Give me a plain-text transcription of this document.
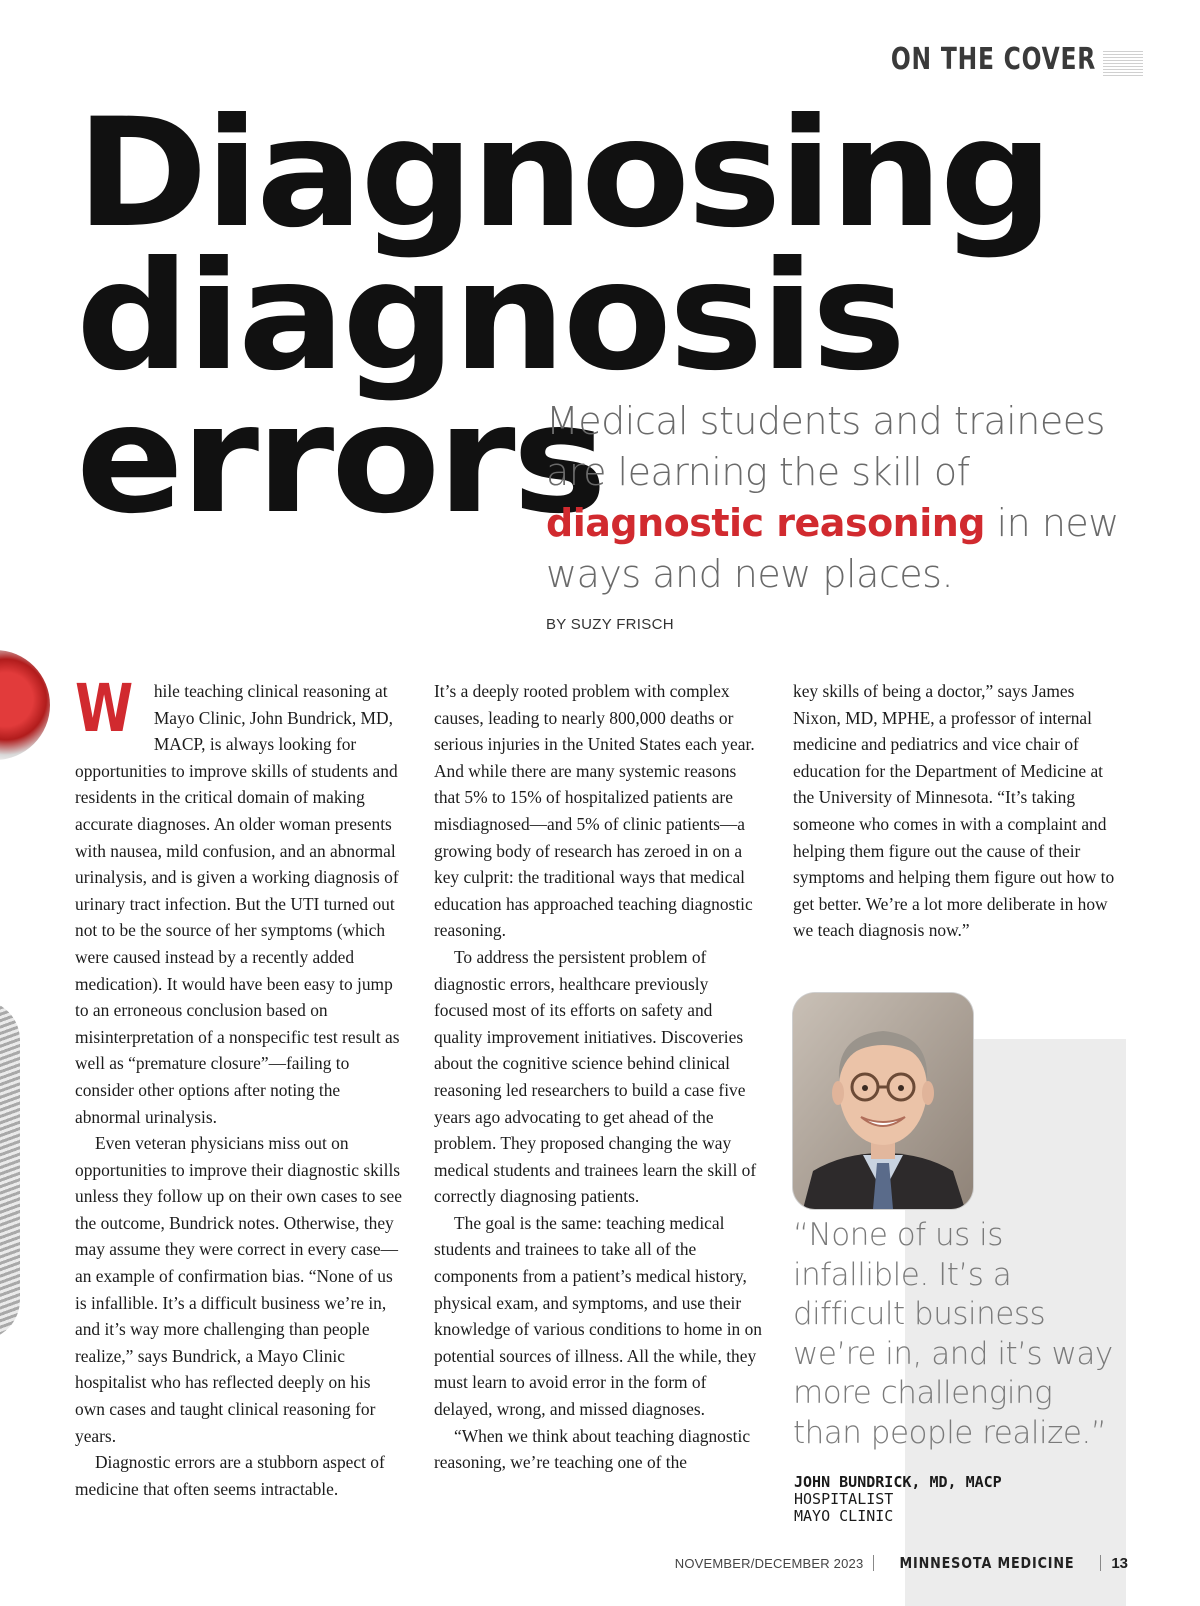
ON THE COVER
Diagnosing
diagnosis
errors
Medical students and trainees are learning the skill of diagnostic reasoning in new ways and new places.
BY SUZY FRISCH

W hile teaching clinical reasoning at Mayo Clinic, John Bundrick, MD, MACP, is always looking for opportunities to improve skills of students and residents in the critical domain of making accurate diagnoses. An older woman presents with nausea, mild confusion, and an abnormal urinalysis, and is given a working diagnosis of urinary tract infection. But the UTI turned out not to be the source of her symptoms (which were caused instead by a recently added medication). It would have been easy to jump to an erroneous conclusion based on misinterpretation of a nonspecific test result as well as “premature closure”—failing to consider other options after noting the abnormal urinalysis.

Even veteran physicians miss out on opportunities to improve their diagnostic skills unless they follow up on their own cases to see the outcome, Bundrick notes. Otherwise, they may assume they were correct in every case—an example of confirmation bias. “None of us is infallible. It’s a difficult business we’re in, and it’s way more challenging than people realize,” says Bundrick, a Mayo Clinic hospitalist who has reflected deeply on his own cases and taught clinical reasoning for years.

Diagnostic errors are a stubborn aspect of medicine that often seems intractable.

It’s a deeply rooted problem with complex causes, leading to nearly 800,000 deaths or serious injuries in the United States each year. And while there are many systemic reasons that 5% to 15% of hospitalized patients are misdiagnosed—and 5% of clinic patients—a growing body of research has zeroed in on a key culprit: the traditional ways that medical education has approached teaching diagnostic reasoning.

To address the persistent problem of diagnostic errors, healthcare previously focused most of its efforts on safety and quality improvement initiatives. Discoveries about the cognitive science behind clinical reasoning led researchers to build a case five years ago advocating to get ahead of the problem. They proposed changing the way medical students and trainees learn the skill of correctly diagnosing patients.

The goal is the same: teaching medical students and trainees to take all of the components from a patient’s medical history, physical exam, and symptoms, and use their knowledge of various conditions to home in on potential sources of illness. All the while, they must learn to avoid error in the form of delayed, wrong, and missed diagnoses.

“When we think about teaching diagnostic reasoning, we’re teaching one of the

key skills of being a doctor,” says James Nixon, MD, MPHE, a professor of internal medicine and pediatrics and vice chair of education for the Department of Medicine at the University of Minnesota. “It’s taking someone who comes in with a complaint and helping them figure out the cause of their symptoms and helping them figure out how to get better. We’re a lot more deliberate in how we teach diagnosis now.”

“None of us is infallible. It’s a difficult business we’re in, and it’s way more challenging than people realize.”
JOHN BUNDRICK, MD, MACP
HOSPITALIST
MAYO CLINIC
NOVEMBER/DECEMBER 2023 MINNESOTA MEDICINE 13
